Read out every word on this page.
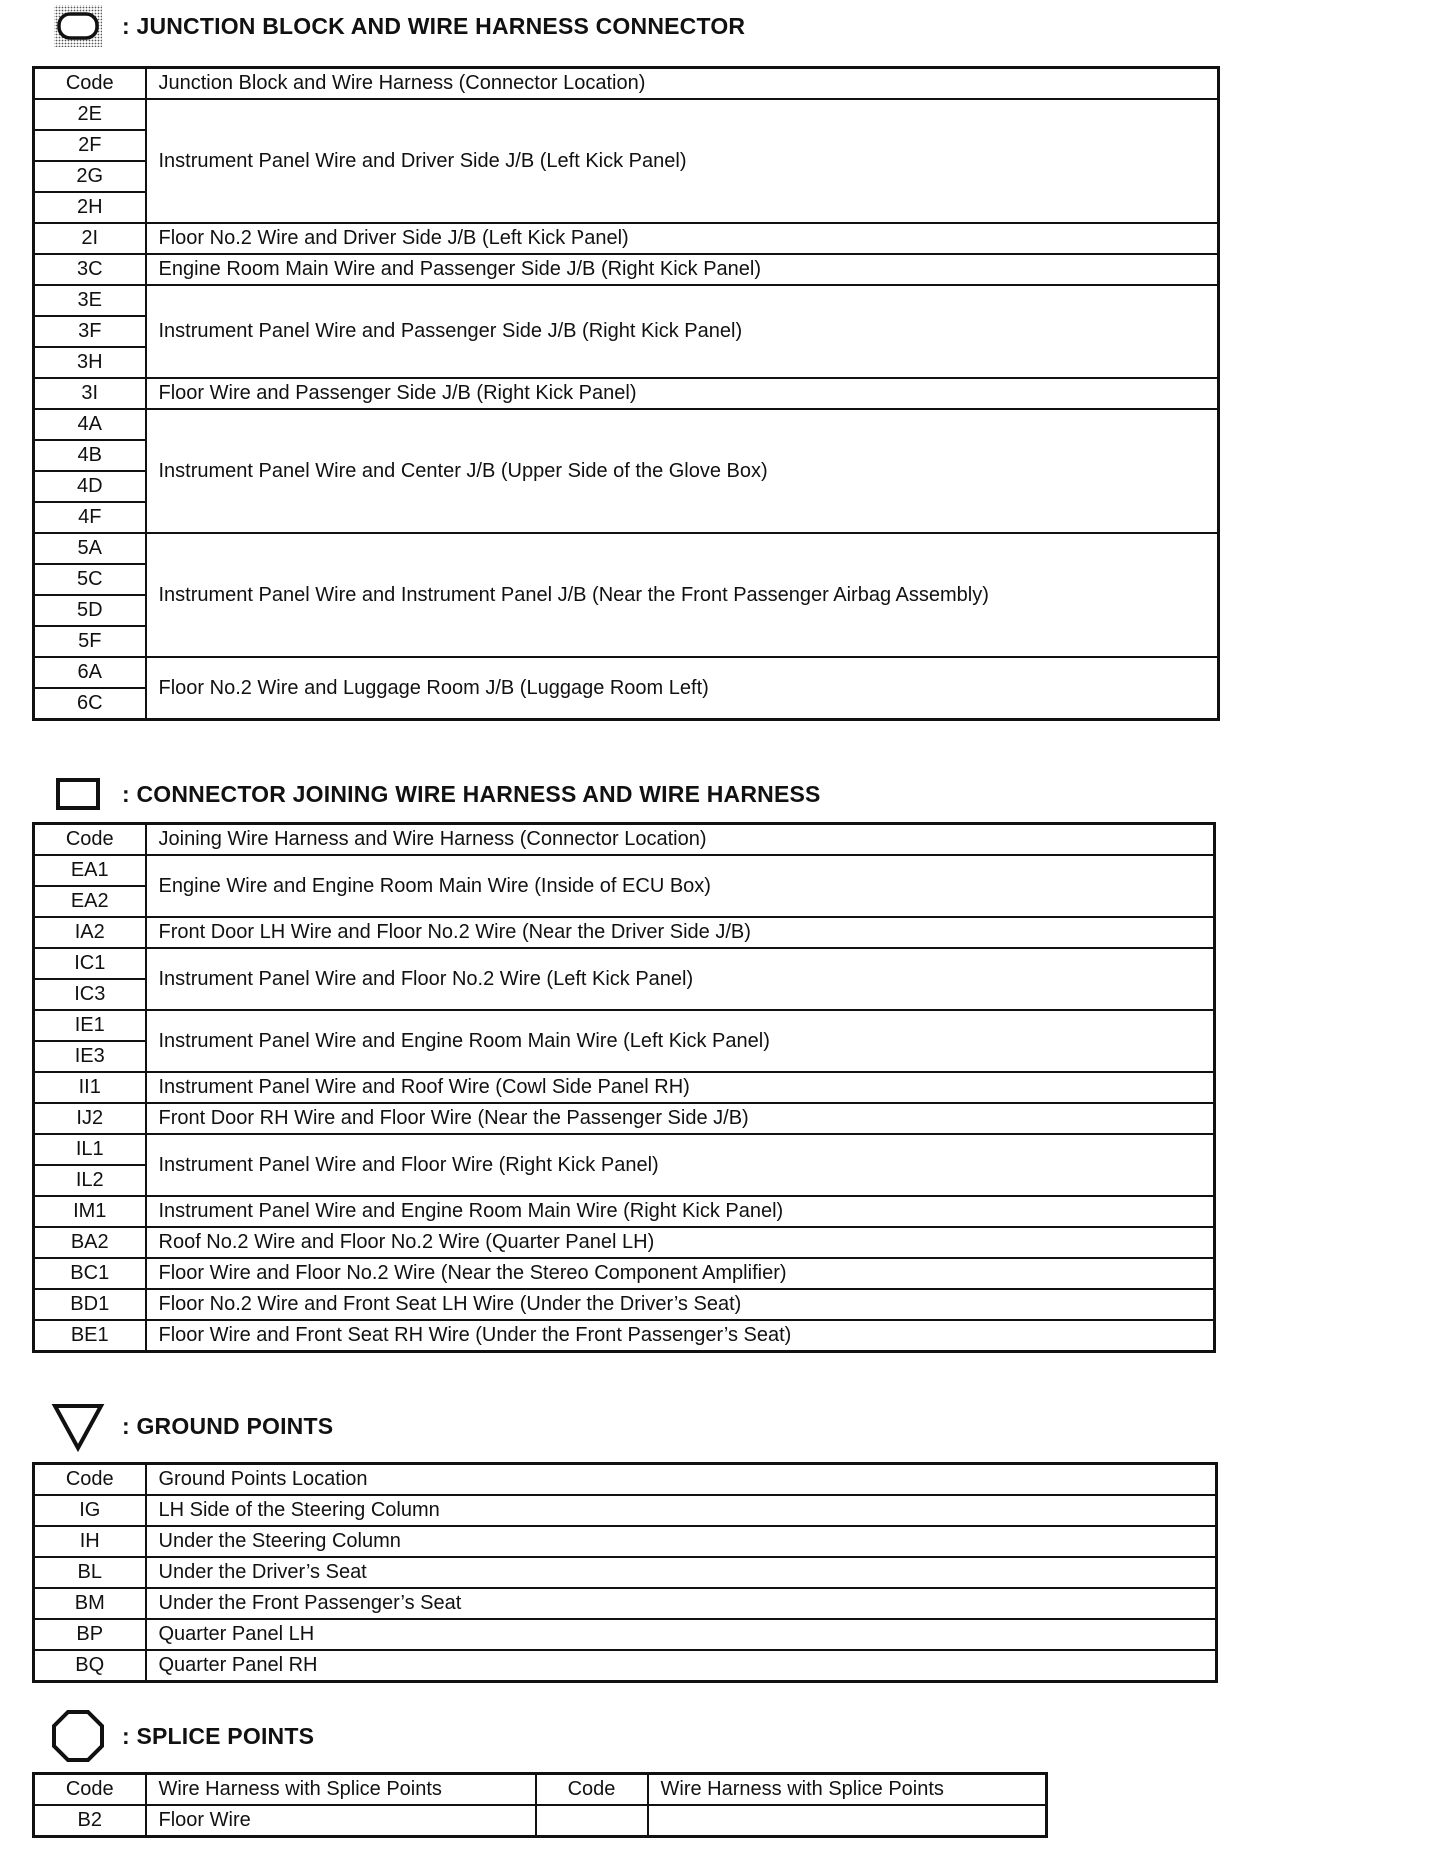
: JUNCTION BLOCK AND WIRE HARNESS CONNECTOR
Code	Junction Block and Wire Harness (Connector Location)
2E	Instrument Panel Wire and Driver Side J/B (Left Kick Panel)
2F	
2G	
2H	
2I	Floor No.2 Wire and Driver Side J/B (Left Kick Panel)
3C	Engine Room Main Wire and Passenger Side J/B (Right Kick Panel)
3E	Instrument Panel Wire and Passenger Side J/B (Right Kick Panel)
3F	
3H	
3I	Floor Wire and Passenger Side J/B (Right Kick Panel)
4A	Instrument Panel Wire and Center J/B (Upper Side of the Glove Box)
4B	
4D	
4F	
5A	Instrument Panel Wire and Instrument Panel J/B (Near the Front Passenger Airbag Assembly)
5C	
5D	
5F	
6A	Floor No.2 Wire and Luggage Room J/B (Luggage Room Left)
6C	
: CONNECTOR JOINING WIRE HARNESS AND WIRE HARNESS
Code	Joining Wire Harness and Wire Harness (Connector Location)
EA1	Engine Wire and Engine Room Main Wire (Inside of ECU Box)
EA2	
IA2	Front Door LH Wire and Floor No.2 Wire (Near the Driver Side J/B)
IC1	Instrument Panel Wire and Floor No.2 Wire (Left Kick Panel)
IC3	
IE1	Instrument Panel Wire and Engine Room Main Wire (Left Kick Panel)
IE3	
II1	Instrument Panel Wire and Roof Wire (Cowl Side Panel RH)
IJ2	Front Door RH Wire and Floor Wire (Near the Passenger Side J/B)
IL1	Instrument Panel Wire and Floor Wire (Right Kick Panel)
IL2	
IM1	Instrument Panel Wire and Engine Room Main Wire (Right Kick Panel)
BA2	Roof No.2 Wire and Floor No.2 Wire (Quarter Panel LH)
BC1	Floor Wire and Floor No.2 Wire (Near the Stereo Component Amplifier)
BD1	Floor No.2 Wire and Front Seat LH Wire (Under the Driver’s Seat)
BE1	Floor Wire and Front Seat RH Wire (Under the Front Passenger’s Seat)
: GROUND POINTS
Code	Ground Points Location
IG	LH Side of the Steering Column
IH	Under the Steering Column
BL	Under the Driver’s Seat
BM	Under the Front Passenger’s Seat
BP	Quarter Panel LH
BQ	Quarter Panel RH
: SPLICE POINTS
Code	Wire Harness with Splice Points	Code	Wire Harness with Splice Points
B2	Floor Wire		
